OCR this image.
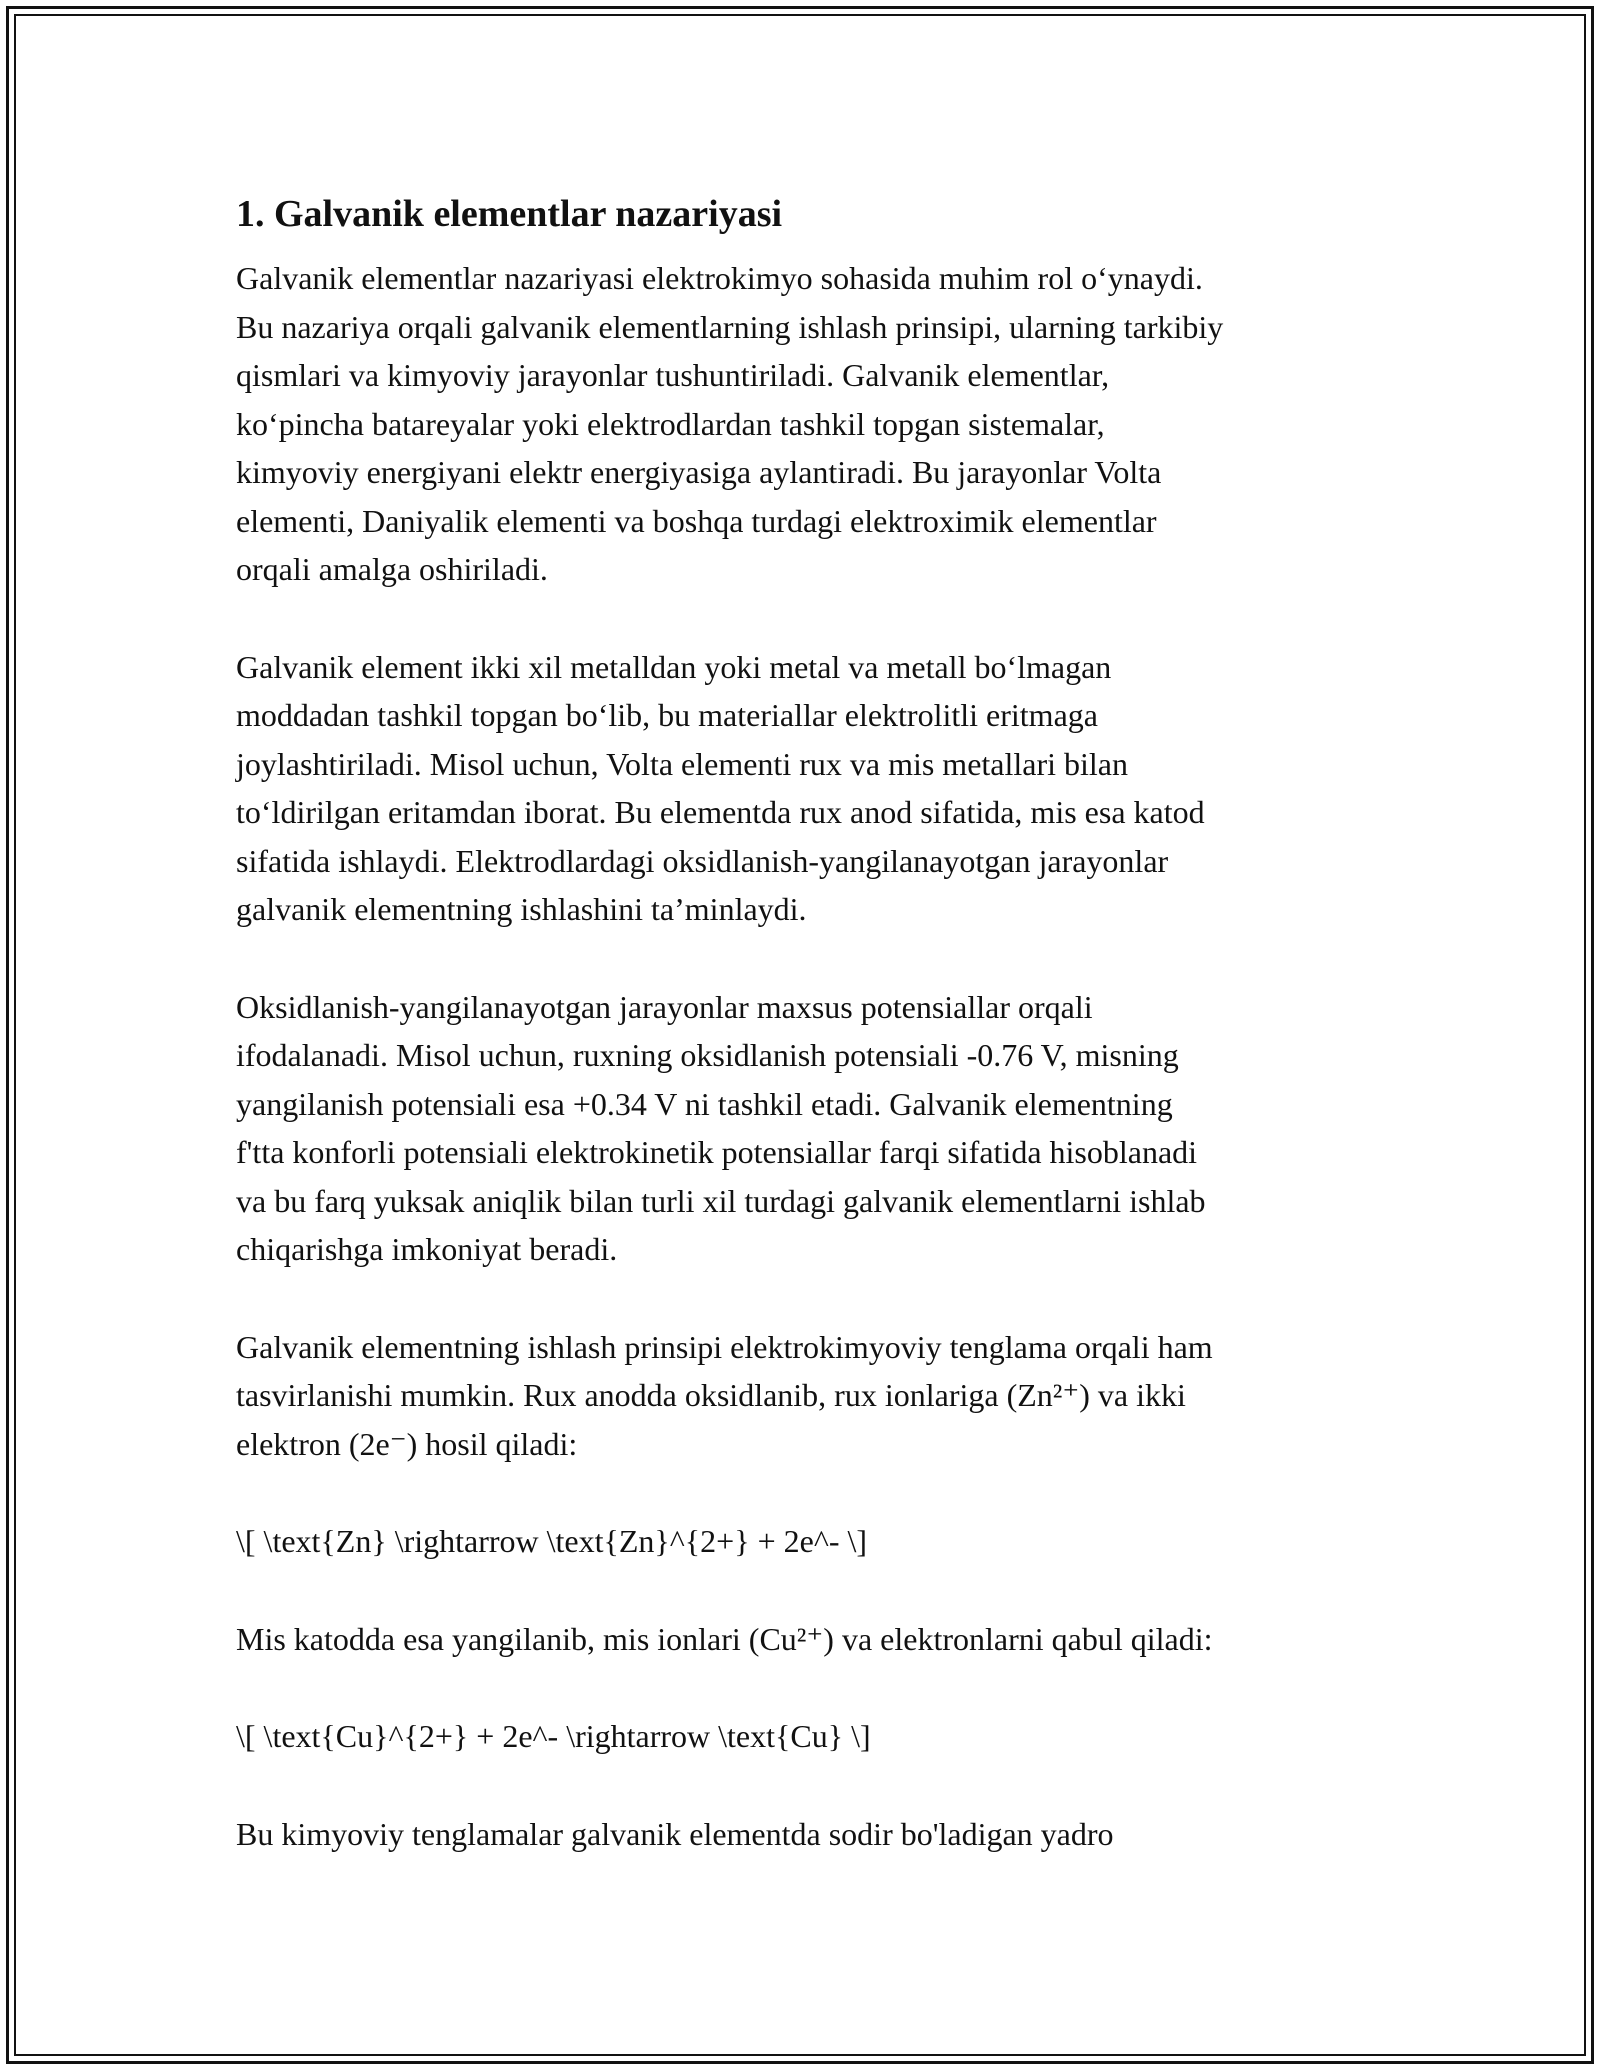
1. Galvanik elementlar nazariyasi

Galvanik elementlar nazariyasi elektrokimyo sohasida muhim rol o‘ynaydi.
Bu nazariya orqali galvanik elementlarning ishlash prinsipi, ularning tarkibiy
qismlari va kimyoviy jarayonlar tushuntiriladi. Galvanik elementlar,
ko‘pincha batareyalar yoki elektrodlardan tashkil topgan sistemalar,
kimyoviy energiyani elektr energiyasiga aylantiradi. Bu jarayonlar Volta
elementi, Daniyalik elementi va boshqa turdagi elektroximik elementlar
orqali amalga oshiriladi.

Galvanik element ikki xil metalldan yoki metal va metall bo‘lmagan
moddadan tashkil topgan bo‘lib, bu materiallar elektrolitli eritmaga
joylashtiriladi. Misol uchun, Volta elementi rux va mis metallari bilan
to‘ldirilgan eritamdan iborat. Bu elementda rux anod sifatida, mis esa katod
sifatida ishlaydi. Elektrodlardagi oksidlanish-yangilanayotgan jarayonlar
galvanik elementning ishlashini ta’minlaydi.

Oksidlanish-yangilanayotgan jarayonlar maxsus potensiallar orqali
ifodalanadi. Misol uchun, ruxning oksidlanish potensiali -0.76 V, misning
yangilanish potensiali esa +0.34 V ni tashkil etadi. Galvanik elementning
f'tta konforli potensiali elektrokinetik potensiallar farqi sifatida hisoblanadi
va bu farq yuksak aniqlik bilan turli xil turdagi galvanik elementlarni ishlab
chiqarishga imkoniyat beradi.

Galvanik elementning ishlash prinsipi elektrokimyoviy tenglama orqali ham
tasvirlanishi mumkin. Rux anodda oksidlanib, rux ionlariga (Zn²⁺) va ikki
elektron (2e⁻) hosil qiladi:

\[ \text{Zn} \rightarrow \text{Zn}^{2+} + 2e^- \]

Mis katodda esa yangilanib, mis ionlari (Cu²⁺) va elektronlarni qabul qiladi:

\[ \text{Cu}^{2+} + 2e^- \rightarrow \text{Cu} \]

Bu kimyoviy tenglamalar galvanik elementda sodir bo'ladigan yadro
